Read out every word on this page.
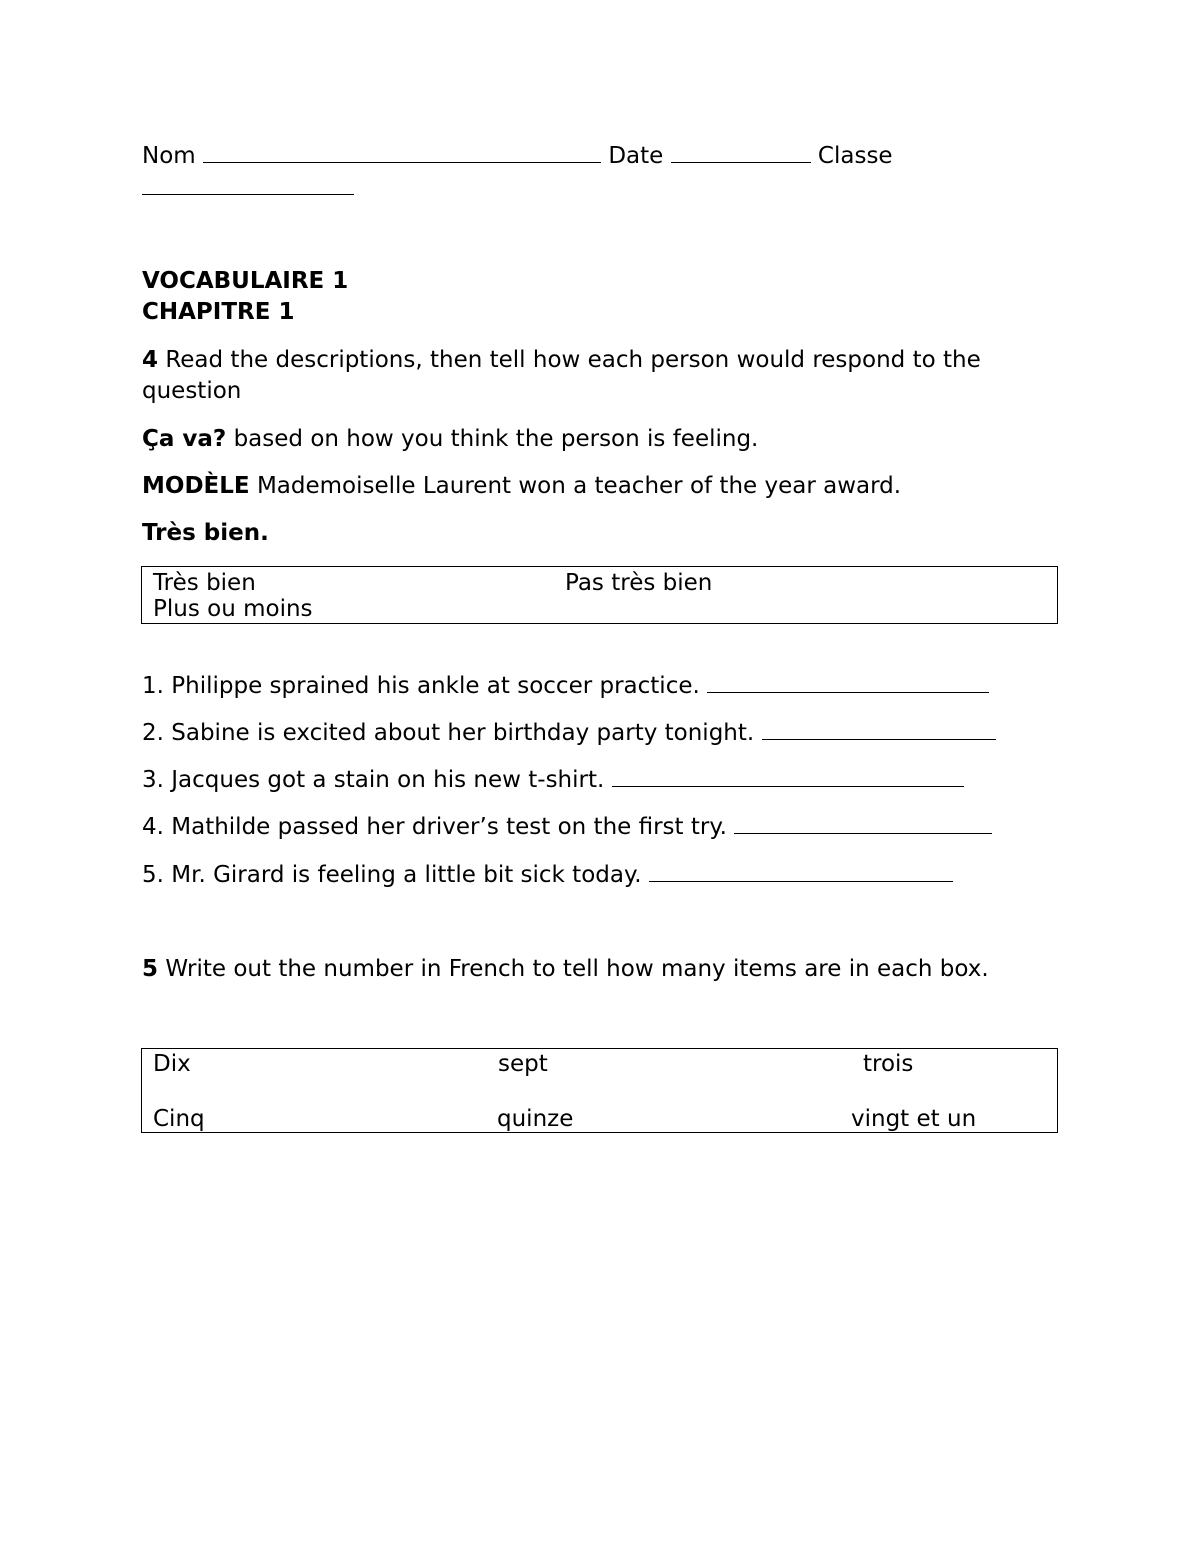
Nom	Date	Classe
VOCABULAIRE 1
CHAPITRE 1
4 Read the descriptions, then tell how each person would respond to the
question
Ça va? based on how you think the person is feeling.
MODÈLE Mademoiselle Laurent won a teacher of the year award.
Très bien.
Très bien	Pas très bien
Plus ou moins
1. Philippe sprained his ankle at soccer practice.
2. Sabine is excited about her birthday party tonight.
3. Jacques got a stain on his new t-shirt.
4. Mathilde passed her driver’s test on the first try.
5. Mr. Girard is feeling a little bit sick today.
5 Write out the number in French to tell how many items are in each box.
Dix	sept	trois
Cinq	quinze	vingt et un
